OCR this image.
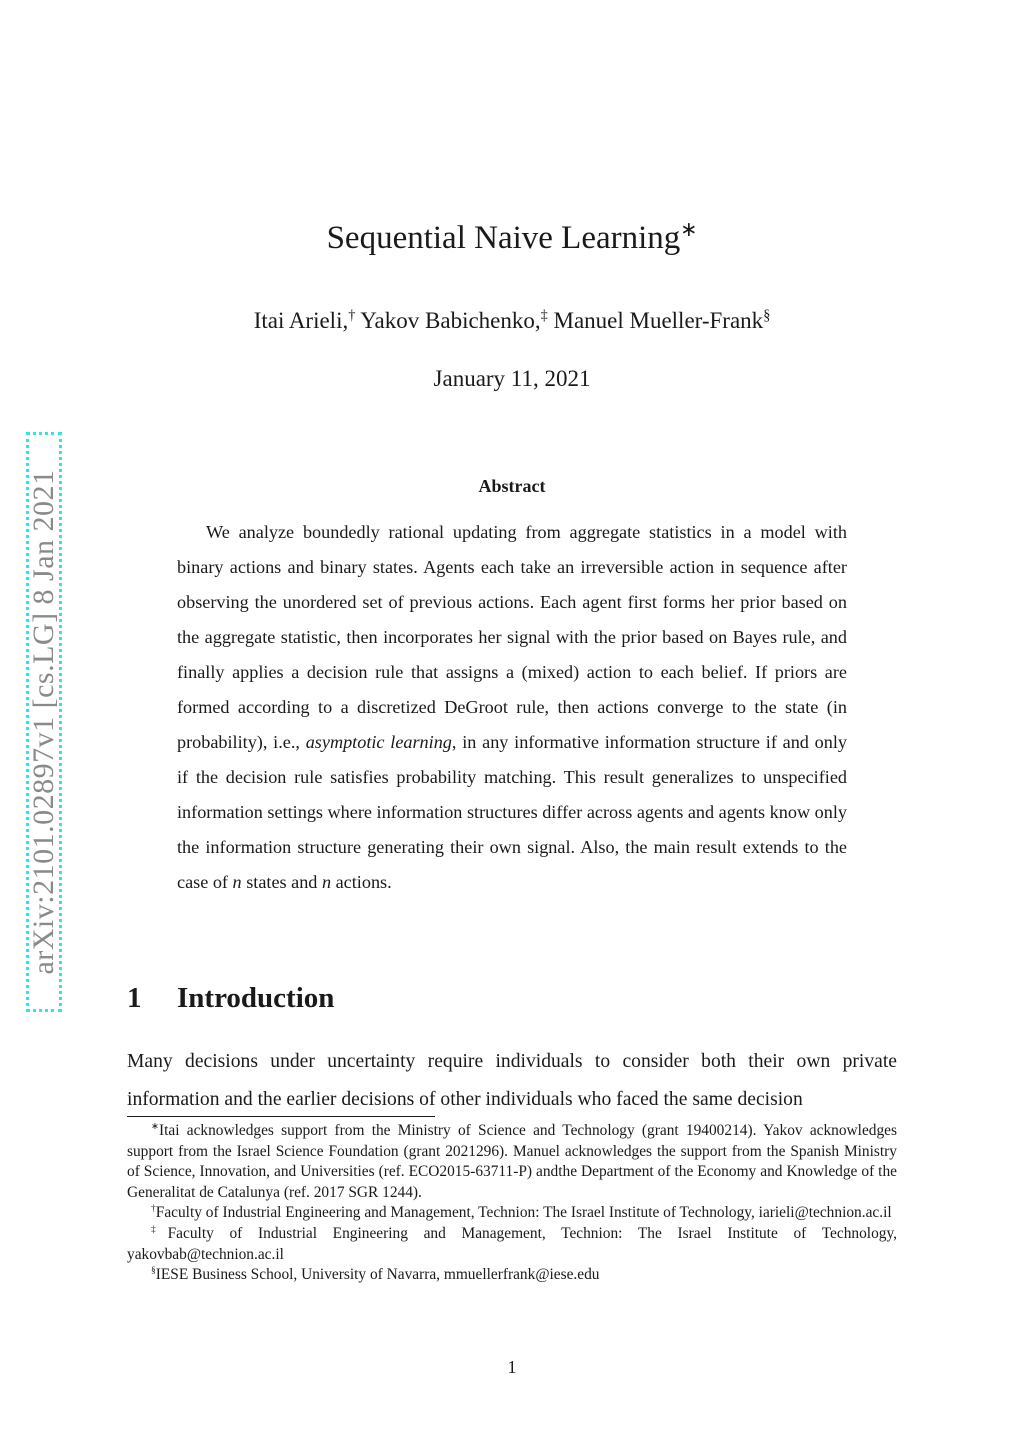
arXiv:2101.02897v1 [cs.LG] 8 Jan 2021
Sequential Naive Learning∗
Itai Arieli,† Yakov Babichenko,‡ Manuel Mueller-Frank§
January 11, 2021
Abstract

We analyze boundedly rational updating from aggregate statistics in a model with binary actions and binary states. Agents each take an irreversible action in sequence after observing the unordered set of previous actions. Each agent first forms her prior based on the aggregate statistic, then incorporates her signal with the prior based on Bayes rule, and finally applies a decision rule that assigns a (mixed) action to each belief. If priors are formed according to a discretized DeGroot rule, then actions converge to the state (in probability), i.e., asymptotic learning, in any informative information structure if and only if the decision rule satisfies probability matching. This result generalizes to unspecified information settings where information structures differ across agents and agents know only the information structure generating their own signal. Also, the main result extends to the case of n states and n actions.

1 Introduction

Many decisions under uncertainty require individuals to consider both their own private information and the earlier decisions of other individuals who faced the same decision

∗Itai acknowledges support from the Ministry of Science and Technology (grant 19400214). Yakov acknowledges support from the Israel Science Foundation (grant 2021296). Manuel acknowledges the support from the Spanish Ministry of Science, Innovation, and Universities (ref. ECO2015-63711-P) andthe Department of the Economy and Knowledge of the Generalitat de Catalunya (ref. 2017 SGR 1244).

†Faculty of Industrial Engineering and Management, Technion: The Israel Institute of Technology, iarieli@technion.ac.il

‡Faculty of Industrial Engineering and Management, Technion: The Israel Institute of Technology, yakovbab@technion.ac.il

§IESE Business School, University of Navarra, mmuellerfrank@iese.edu

1
